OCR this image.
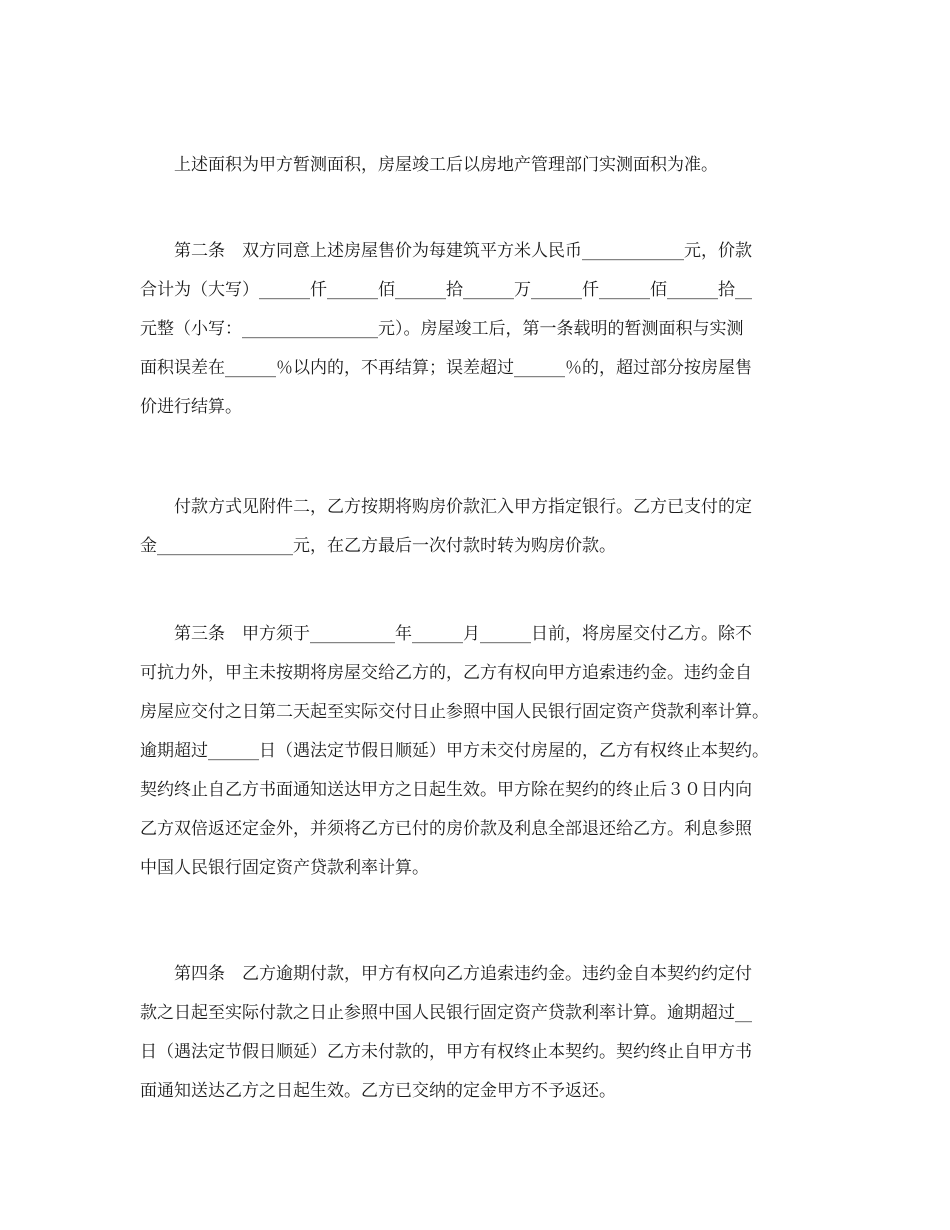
　　上述面积为甲方暂测面积，房屋竣工后以房地产管理部门实测面积为准。
　　第二条　双方同意上述房屋售价为每建筑平方米人民币____________元，价款
合计为（大写）______仟______佰______拾______万______仟______佰______拾__
元整（小写：________________元）。房屋竣工后，第一条载明的暂测面积与实测
面积误差在______％以内的，不再结算；误差超过______％的，超过部分按房屋售
价进行结算。
　　付款方式见附件二，乙方按期将购房价款汇入甲方指定银行。乙方已支付的定
金________________元，在乙方最后一次付款时转为购房价款。
　　第三条　甲方须于__________年______月______日前，将房屋交付乙方。除不
可抗力外，甲主未按期将房屋交给乙方的，乙方有权向甲方追索违约金。违约金自
房屋应交付之日第二天起至实际交付日止参照中国人民银行固定资产贷款利率计算。
逾期超过______日（遇法定节假日顺延）甲方未交付房屋的，乙方有权终止本契约。
契约终止自乙方书面通知送达甲方之日起生效。甲方除在契约的终止后３０日内向
乙方双倍返还定金外，并须将乙方已付的房价款及利息全部退还给乙方。利息参照
中国人民银行固定资产贷款利率计算。
　　第四条　乙方逾期付款，甲方有权向乙方追索违约金。违约金自本契约约定付
款之日起至实际付款之日止参照中国人民银行固定资产贷款利率计算。逾期超过__
日（遇法定节假日顺延）乙方未付款的，甲方有权终止本契约。契约终止自甲方书
面通知送达乙方之日起生效。乙方已交纳的定金甲方不予返还。
